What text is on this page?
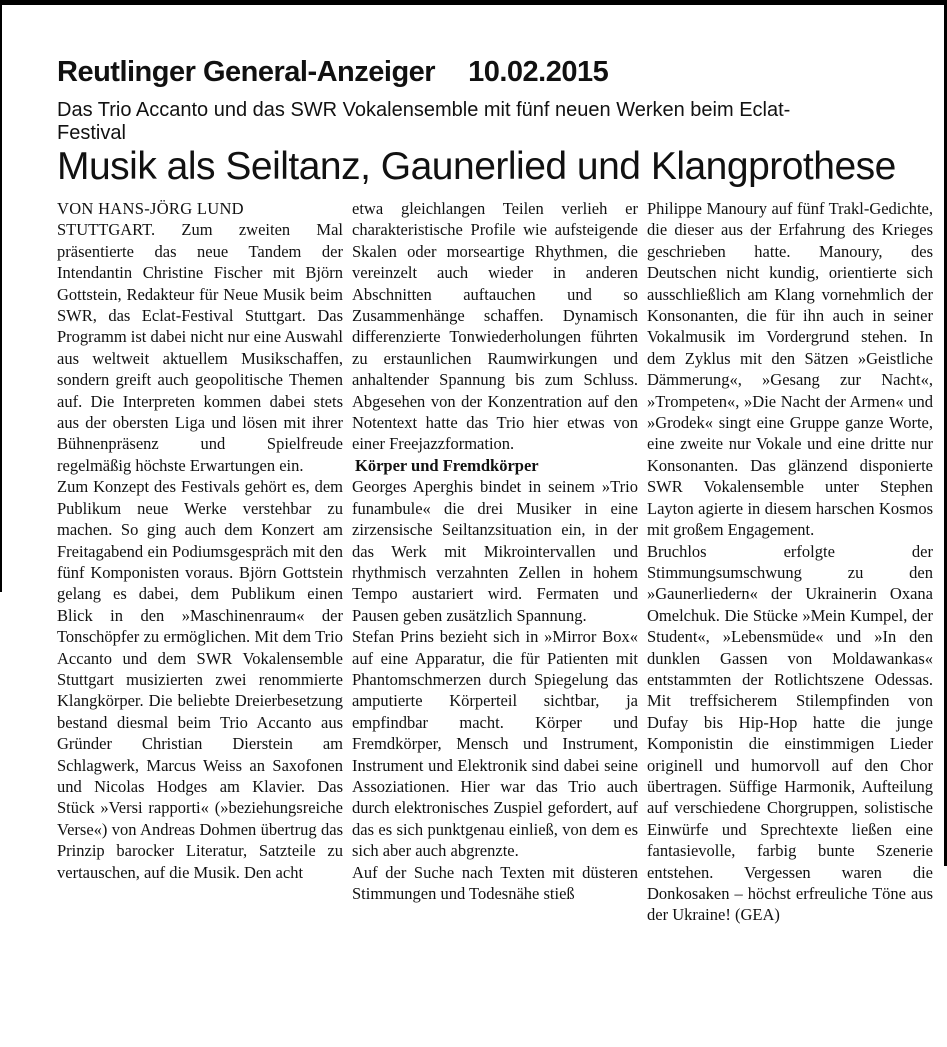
Reutlinger General-Anzeiger 10.02.2015
Das Trio Accanto und das SWR Vokalensemble mit fünf neuen Werken beim Eclat-Festival
Musik als Seiltanz, Gaunerlied und Klangprothese

VON HANS-JÖRG LUND

STUTTGART. Zum zweiten Mal präsentierte das neue Tandem der Intendantin Christine Fischer mit Björn Gottstein, Redakteur für Neue Musik beim SWR, das Eclat-Festival Stuttgart. Das Programm ist dabei nicht nur eine Auswahl aus weltweit aktuellem Musikschaffen, sondern greift auch geopolitische Themen auf. Die Interpreten kommen dabei stets aus der obersten Liga und lösen mit ihrer Bühnenpräsenz und Spielfreude regelmäßig höchste Erwartungen ein.

Zum Konzept des Festivals gehört es, dem Publikum neue Werke verstehbar zu machen. So ging auch dem Konzert am Freitagabend ein Podiumsgespräch mit den fünf Komponisten voraus. Björn Gottstein gelang es dabei, dem Publikum einen Blick in den »Maschinenraum« der Tonschöpfer zu ermöglichen. Mit dem Trio Accanto und dem SWR Vokalensemble Stuttgart musizierten zwei renommierte Klangkörper. Die beliebte Dreierbesetzung bestand diesmal beim Trio Accanto aus Gründer Christian Dierstein am Schlagwerk, Marcus Weiss an Saxofonen und Nicolas Hodges am Klavier. Das Stück »Versi rapporti« (»beziehungsreiche Verse«) von Andreas Dohmen übertrug das Prinzip barocker Literatur, Satzteile zu vertauschen, auf die Musik. Den acht

etwa gleichlangen Teilen verlieh er charakteristische Profile wie aufsteigende Skalen oder morseartige Rhythmen, die vereinzelt auch wieder in anderen Abschnitten auftauchen und so Zusammenhänge schaffen. Dynamisch differenzierte Tonwiederholungen führten zu erstaunlichen Raumwirkungen und anhaltender Spannung bis zum Schluss. Abgesehen von der Konzentration auf den Notentext hatte das Trio hier etwas von einer Freejazzformation.

Körper und Fremdkörper

Georges Aperghis bindet in seinem »Trio funambule« die drei Musiker in eine zirzensische Seiltanzsituation ein, in der das Werk mit Mikrointervallen und rhythmisch verzahnten Zellen in hohem Tempo austariert wird. Fermaten und Pausen geben zusätzlich Spannung.

Stefan Prins bezieht sich in »Mirror Box« auf eine Apparatur, die für Patienten mit Phantomschmerzen durch Spiegelung das amputierte Körperteil sichtbar, ja empfindbar macht. Körper und Fremdkörper, Mensch und Instrument, Instrument und Elektronik sind dabei seine Assoziationen. Hier war das Trio auch durch elektronisches Zuspiel gefordert, auf das es sich punktgenau einließ, von dem es sich aber auch abgrenzte.

Auf der Suche nach Texten mit düsteren Stimmungen und Todesnähe stieß

Philippe Manoury auf fünf Trakl-Gedichte, die dieser aus der Erfahrung des Krieges geschrieben hatte. Manoury, des Deutschen nicht kundig, orientierte sich ausschließlich am Klang vornehmlich der Konsonanten, die für ihn auch in seiner Vokalmusik im Vordergrund stehen. In dem Zyklus mit den Sätzen »Geistliche Dämmerung«, »Gesang zur Nacht«, »Trompeten«, »Die Nacht der Armen« und »Grodek« singt eine Gruppe ganze Worte, eine zweite nur Vokale und eine dritte nur Konsonanten. Das glänzend disponierte SWR Vokalensemble unter Stephen Layton agierte in diesem harschen Kosmos mit großem Engagement.

Bruchlos erfolgte der Stimmungsumschwung zu den »Gaunerliedern« der Ukrainerin Oxana Omelchuk. Die Stücke »Mein Kumpel, der Student«, »Lebensmüde« und »In den dunklen Gassen von Moldawankas« entstammten der Rotlichtszene Odessas. Mit treffsicherem Stilempfinden von Dufay bis Hip-Hop hatte die junge Komponistin die einstimmigen Lieder originell und humorvoll auf den Chor übertragen. Süffige Harmonik, Aufteilung auf verschiedene Chorgruppen, solistische Einwürfe und Sprechtexte ließen eine fantasievolle, farbig bunte Szenerie entstehen. Vergessen waren die Donkosaken – höchst erfreuliche Töne aus der Ukraine! (GEA)
